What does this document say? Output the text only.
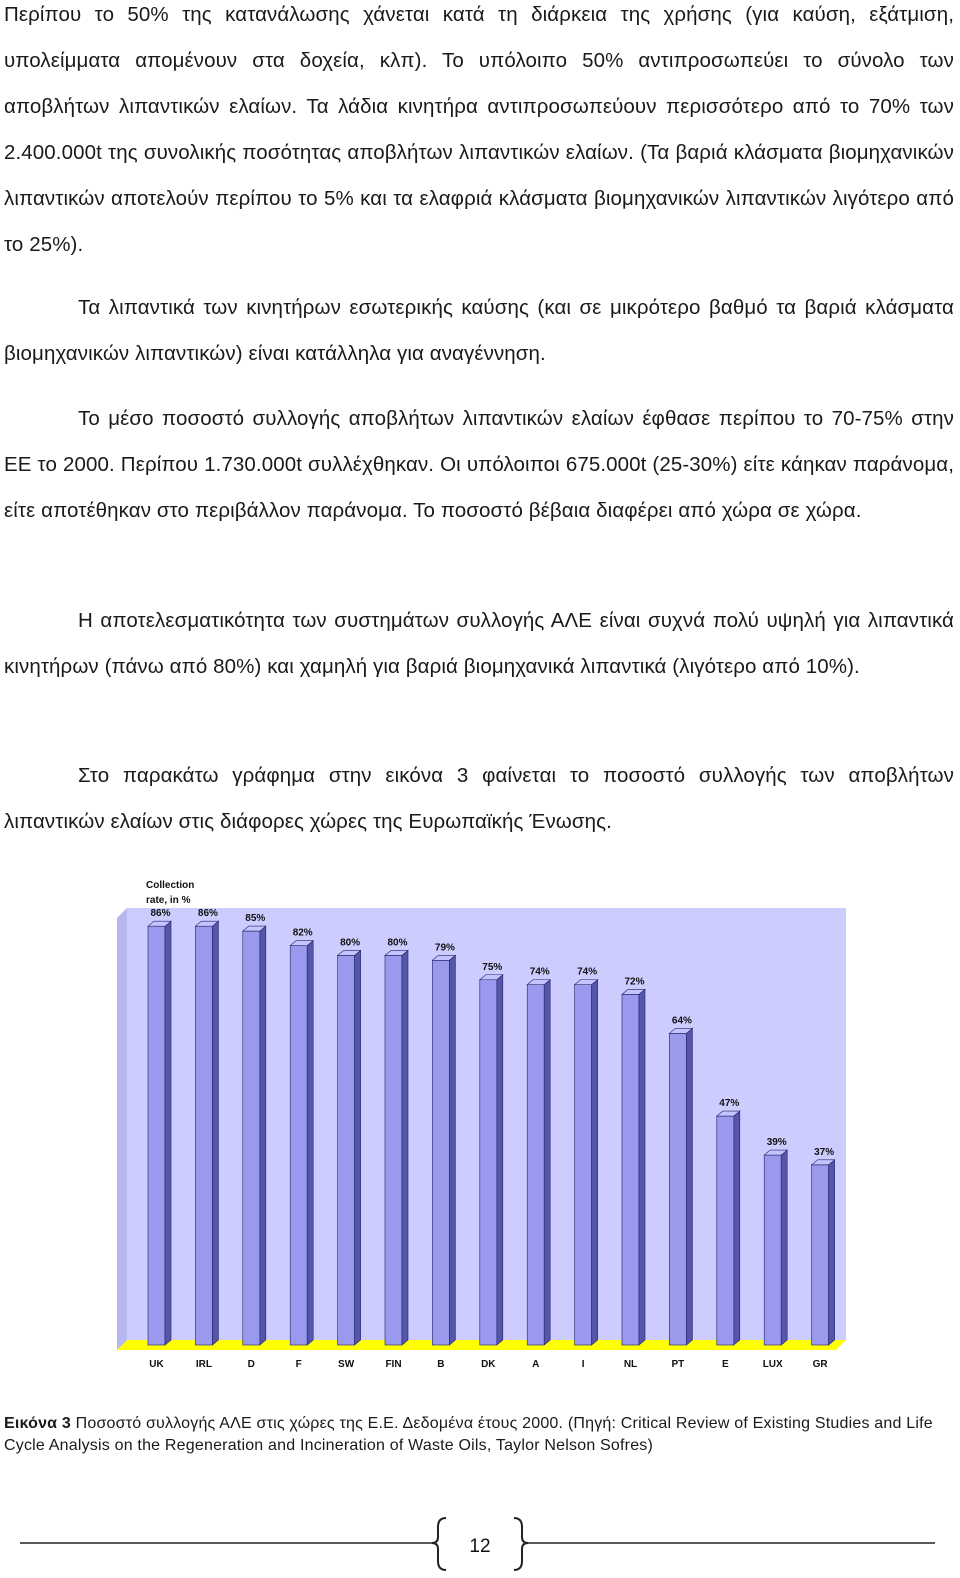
Περίπου το 50% της κατανάλωσης χάνεται κατά τη διάρκεια της χρήσης (για καύση, εξάτμιση, υπολείμματα απομένουν στα δοχεία, κλπ). Το υπόλοιπο 50% αντιπροσωπεύει το σύνολο των αποβλήτων λιπαντικών ελαίων. Τα λάδια κινητήρα αντιπροσωπεύουν περισσότερο από το 70% των 2.400.000t της συνολικής ποσότητας αποβλήτων λιπαντικών ελαίων. (Τα βαριά κλάσματα βιομηχανικών λιπαντικών αποτελούν περίπου το 5% και τα ελαφριά κλάσματα βιομηχανικών λιπαντικών λιγότερο από το 25%).

Τα λιπαντικά των κινητήρων εσωτερικής καύσης (και σε μικρότερο βαθμό τα βαριά κλάσματα βιομηχανικών λιπαντικών) είναι κατάλληλα για αναγέννηση.

Το μέσο ποσοστό συλλογής αποβλήτων λιπαντικών ελαίων έφθασε περίπου το 70-75% στην ΕΕ το 2000. Περίπου 1.730.000t συλλέχθηκαν. Οι υπόλοιποι 675.000t (25-30%) είτε κάηκαν παράνομα, είτε αποτέθηκαν στο περιβάλλον παράνομα. Το ποσοστό βέβαια διαφέρει από χώρα σε χώρα.

Η αποτελεσματικότητα των συστημάτων συλλογής ΑΛΕ είναι συχνά πολύ υψηλή για λιπαντικά κινητήρων (πάνω από 80%) και χαμηλή για βαριά βιομηχανικά λιπαντικά (λιγότερο από 10%).

Στο παρακάτω γράφημα στην εικόνα 3 φαίνεται το ποσοστό συλλογής των αποβλήτων λιπαντικών ελαίων στις διάφορες χώρες της Ευρωπαϊκής Ένωσης.

Collection
rate, in %
86%	86%	85%
82%
80%	80%	79%
75%	74%	74%
72%
64%
47%
39%
37%
UK	IRL	D	F	SW	FIN	B	DK	A	I	NL	PT	E	LUX	GR

Εικόνα 3 Ποσοστό συλλογής ΑΛΕ στις χώρες της Ε.Ε. Δεδομένα έτους 2000. (Πηγή: Critical Review of Existing Studies and Life Cycle Analysis on the Regeneration and Incineration of Waste Oils, Taylor Nelson Sofres)

12
